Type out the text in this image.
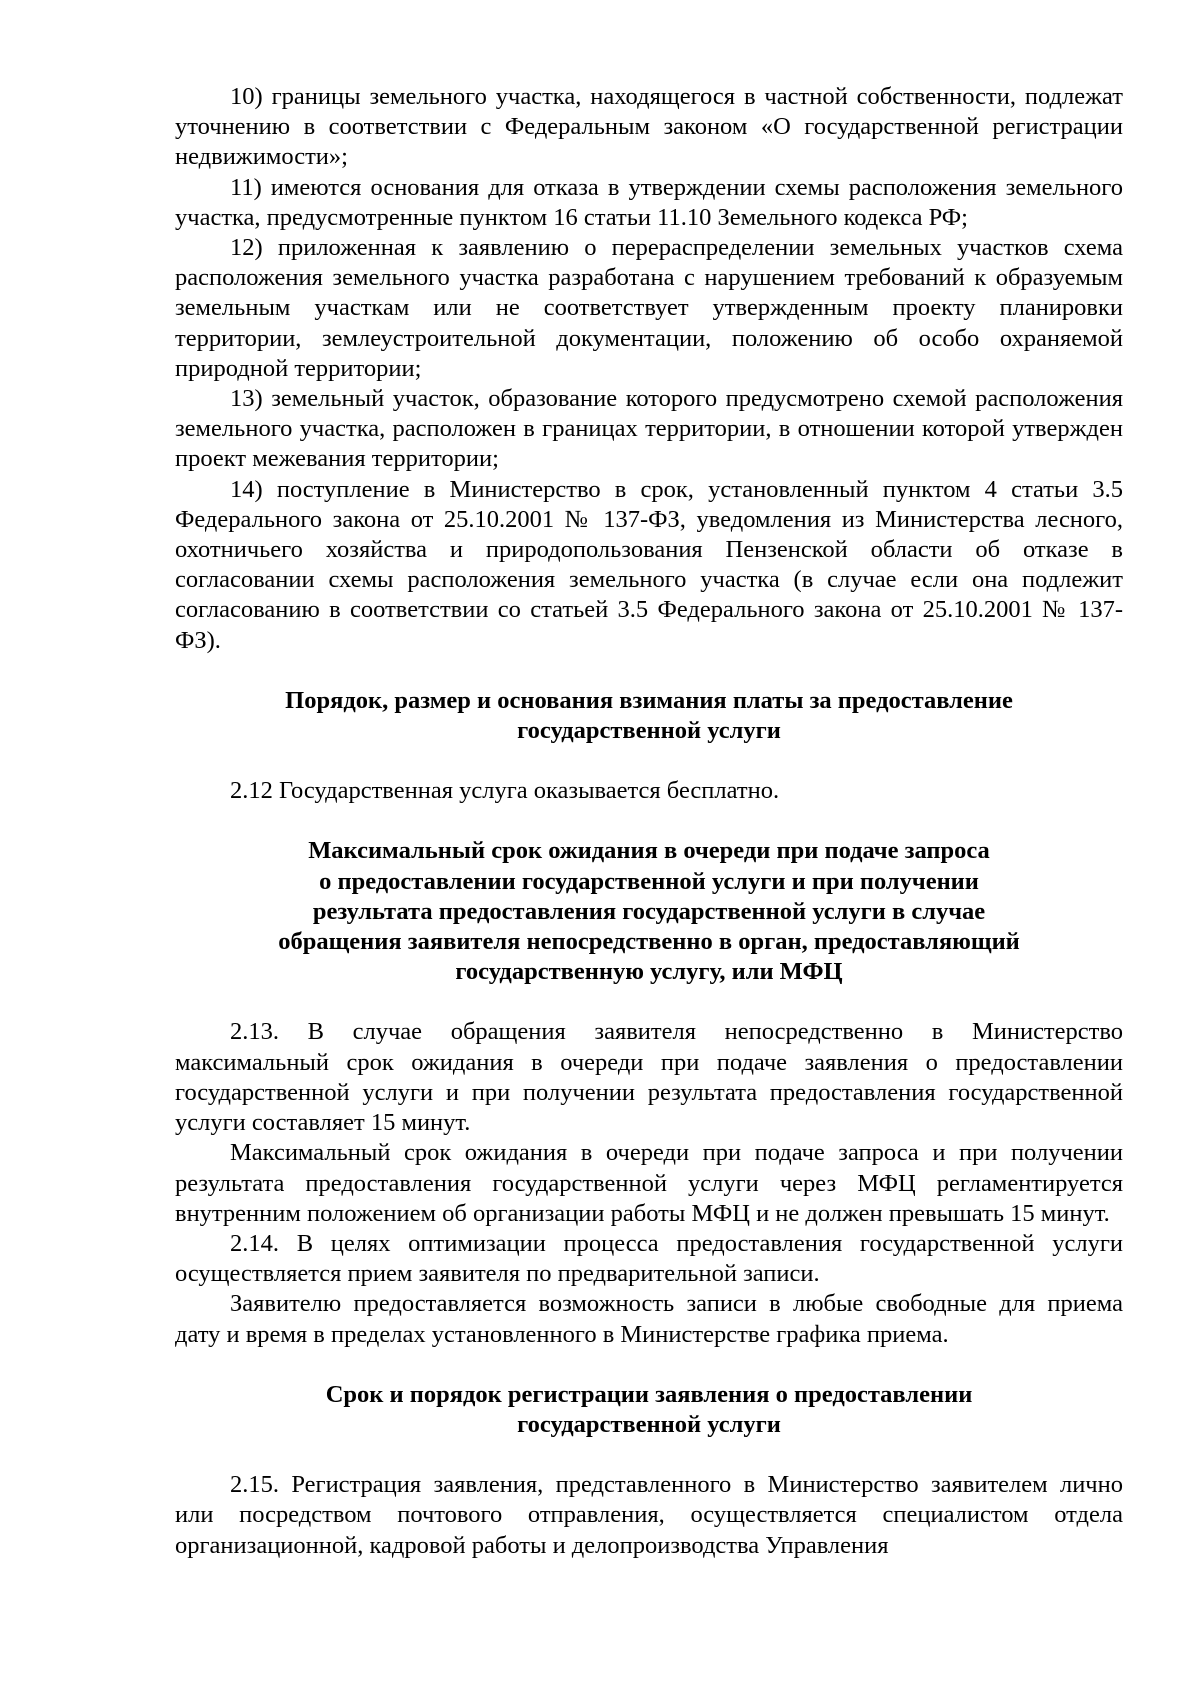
10) границы земельного участка, находящегося в частной собственности, подлежат уточнению в соответствии с Федеральным законом «О государственной регистрации недвижимости»;

11) имеются основания для отказа в утверждении схемы расположения земельного участка, предусмотренные пунктом 16 статьи 11.10 Земельного кодекса РФ;

12) приложенная к заявлению о перераспределении земельных участков схема расположения земельного участка разработана с нарушением требований к образуемым земельным участкам или не соответствует утвержденным проекту планировки территории, землеустроительной документации, положению об особо охраняемой природной территории;

13) земельный участок, образование которого предусмотрено схемой расположения земельного участка, расположен в границах территории, в отношении которой утвержден проект межевания территории;

14) поступление в Министерство в срок, установленный пунктом 4 статьи 3.5 Федерального закона от 25.10.2001 № 137-ФЗ, уведомления из Министерства лесного, охотничьего хозяйства и природопользования Пензенской области об отказе в согласовании схемы расположения земельного участка (в случае если она подлежит согласованию в соответствии со статьей 3.5 Федерального закона от 25.10.2001 № 137-ФЗ).

Порядок, размер и основания взимания платы за предоставление
государственной услуги

2.12 Государственная услуга оказывается бесплатно.

Максимальный срок ожидания в очереди при подаче запроса
о предоставлении государственной услуги и при получении
результата предоставления государственной услуги в случае
обращения заявителя непосредственно в орган, предоставляющий
государственную услугу, или МФЦ

2.13. В случае обращения заявителя непосредственно в Министерство максимальный срок ожидания в очереди при подаче заявления о предоставлении государственной услуги и при получении результата предоставления государственной услуги составляет 15 минут.

Максимальный срок ожидания в очереди при подаче запроса и при получении результата предоставления государственной услуги через МФЦ регламентируется внутренним положением об организации работы МФЦ и не должен превышать 15 минут.

2.14. В целях оптимизации процесса предоставления государственной услуги осуществляется прием заявителя по предварительной записи.

Заявителю предоставляется возможность записи в любые свободные для приема дату и время в пределах установленного в Министерстве графика приема.

Срок и порядок регистрации заявления о предоставлении
государственной услуги

2.15. Регистрация заявления, представленного в Министерство заявителем лично или посредством почтового отправления, осуществляется специалистом отдела организационной, кадровой работы и делопроизводства Управления
